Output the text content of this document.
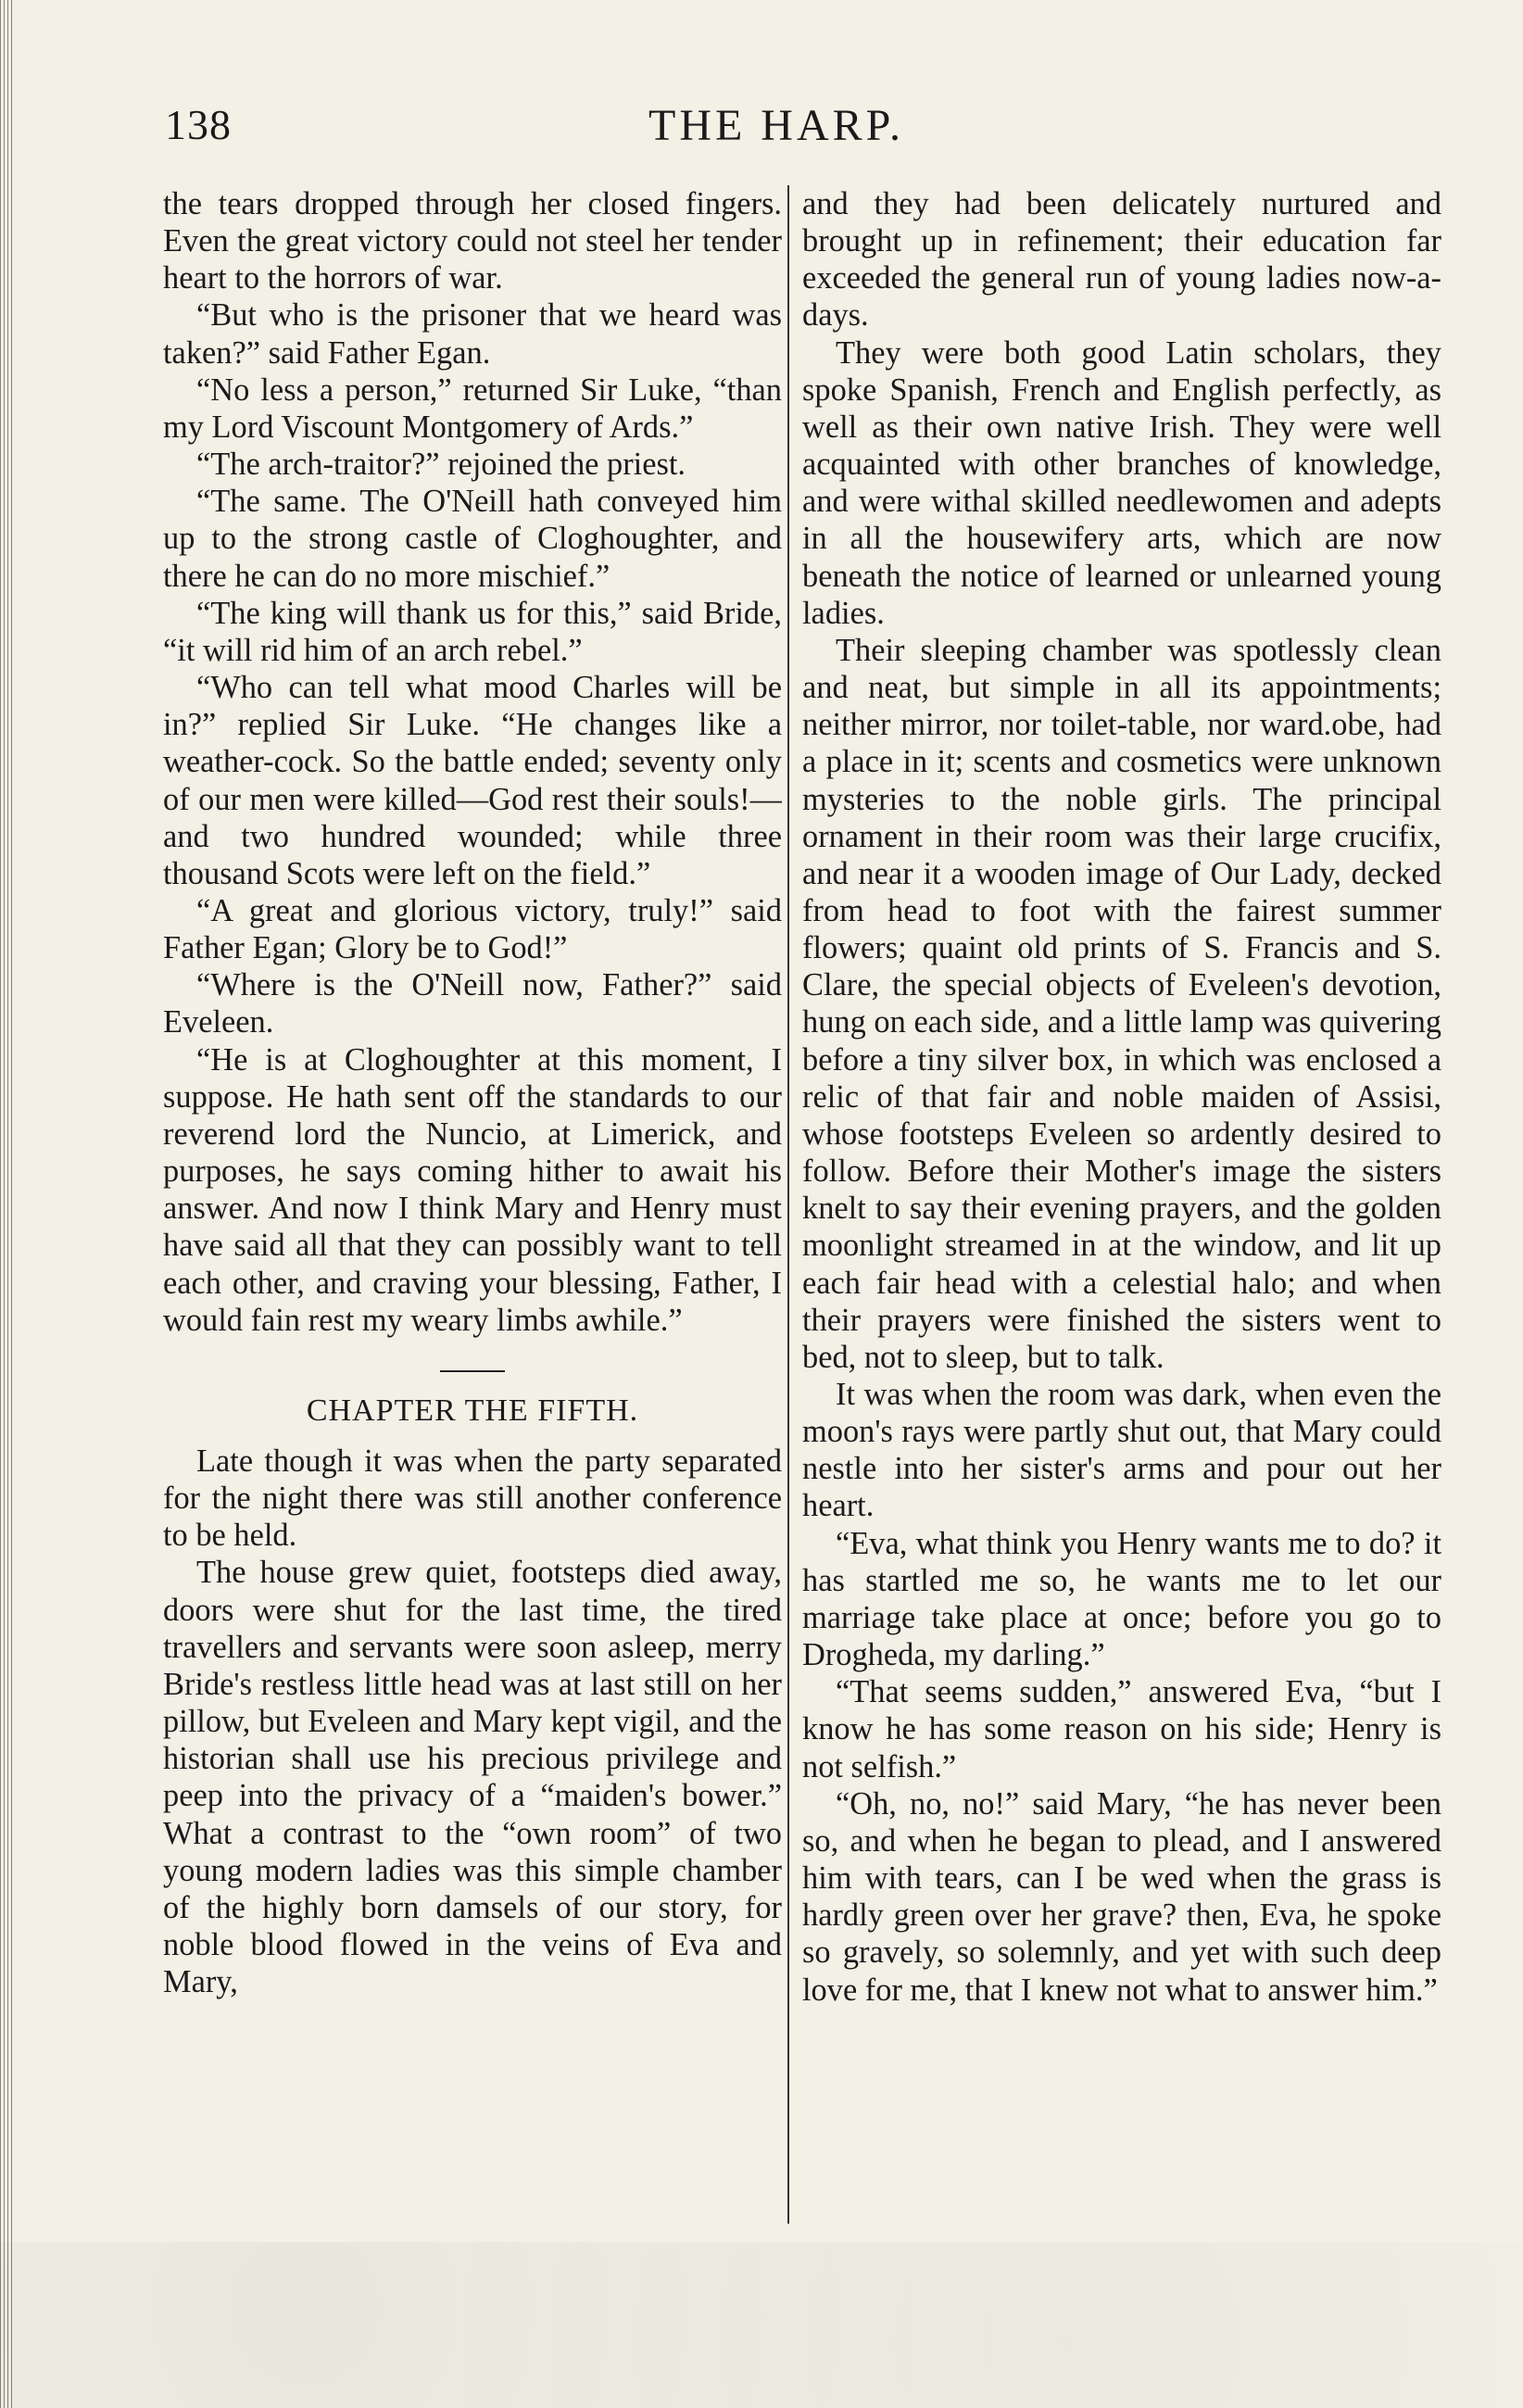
138	THE HARP.

the tears dropped through her closed fingers. Even the great victory could not steel her tender heart to the horrors of war.

“But who is the prisoner that we heard was taken?” said Father Egan.

“No less a person,” returned Sir Luke, “than my Lord Viscount Montgomery of Ards.”

“The arch-traitor?” rejoined the priest.

“The same. The O'Neill hath conveyed him up to the strong castle of Cloghoughter, and there he can do no more mischief.”

“The king will thank us for this,” said Bride, “it will rid him of an arch rebel.”

“Who can tell what mood Charles will be in?” replied Sir Luke. “He changes like a weather-cock. So the battle ended; seventy only of our men were killed—God rest their souls!—and two hundred wounded; while three thousand Scots were left on the field.”

“A great and glorious victory, truly!” said Father Egan; Glory be to God!”

“Where is the O'Neill now, Father?” said Eveleen.

“He is at Cloghoughter at this moment, I suppose. He hath sent off the standards to our reverend lord the Nuncio, at Limerick, and purposes, he says coming hither to await his answer. And now I think Mary and Henry must have said all that they can possibly want to tell each other, and craving your blessing, Father, I would fain rest my weary limbs awhile.”

CHAPTER THE FIFTH.

Late though it was when the party separated for the night there was still another conference to be held.

The house grew quiet, footsteps died away, doors were shut for the last time, the tired travellers and servants were soon asleep, merry Bride's restless little head was at last still on her pillow, but Eveleen and Mary kept vigil, and the historian shall use his precious privilege and peep into the privacy of a “maiden's bower.” What a contrast to the “own room” of two young modern ladies was this simple chamber of the highly born damsels of our story, for noble blood flowed in the veins of Eva and Mary,

and they had been delicately nurtured and brought up in refinement; their education far exceeded the general run of young ladies now-a-days.

They were both good Latin scholars, they spoke Spanish, French and English perfectly, as well as their own native Irish. They were well acquainted with other branches of knowledge, and were withal skilled needlewomen and adepts in all the housewifery arts, which are now beneath the notice of learned or unlearned young ladies.

Their sleeping chamber was spotlessly clean and neat, but simple in all its appointments; neither mirror, nor toilet-table, nor ward.obe, had a place in it; scents and cosmetics were unknown mysteries to the noble girls. The principal ornament in their room was their large crucifix, and near it a wooden image of Our Lady, decked from head to foot with the fairest summer flowers; quaint old prints of S. Francis and S. Clare, the special objects of Eveleen's devotion, hung on each side, and a little lamp was quivering before a tiny silver box, in which was enclosed a relic of that fair and noble maiden of Assisi, whose footsteps Eveleen so ardently desired to follow. Before their Mother's image the sisters knelt to say their evening prayers, and the golden moonlight streamed in at the window, and lit up each fair head with a celestial halo; and when their prayers were finished the sisters went to bed, not to sleep, but to talk.

It was when the room was dark, when even the moon's rays were partly shut out, that Mary could nestle into her sister's arms and pour out her heart.

“Eva, what think you Henry wants me to do? it has startled me so, he wants me to let our marriage take place at once; before you go to Drogheda, my darling.”

“That seems sudden,” answered Eva, “but I know he has some reason on his side; Henry is not selfish.”

“Oh, no, no!” said Mary, “he has never been so, and when he began to plead, and I answered him with tears, can I be wed when the grass is hardly green over her grave? then, Eva, he spoke so gravely, so solemnly, and yet with such deep love for me, that I knew not what to answer him.”
